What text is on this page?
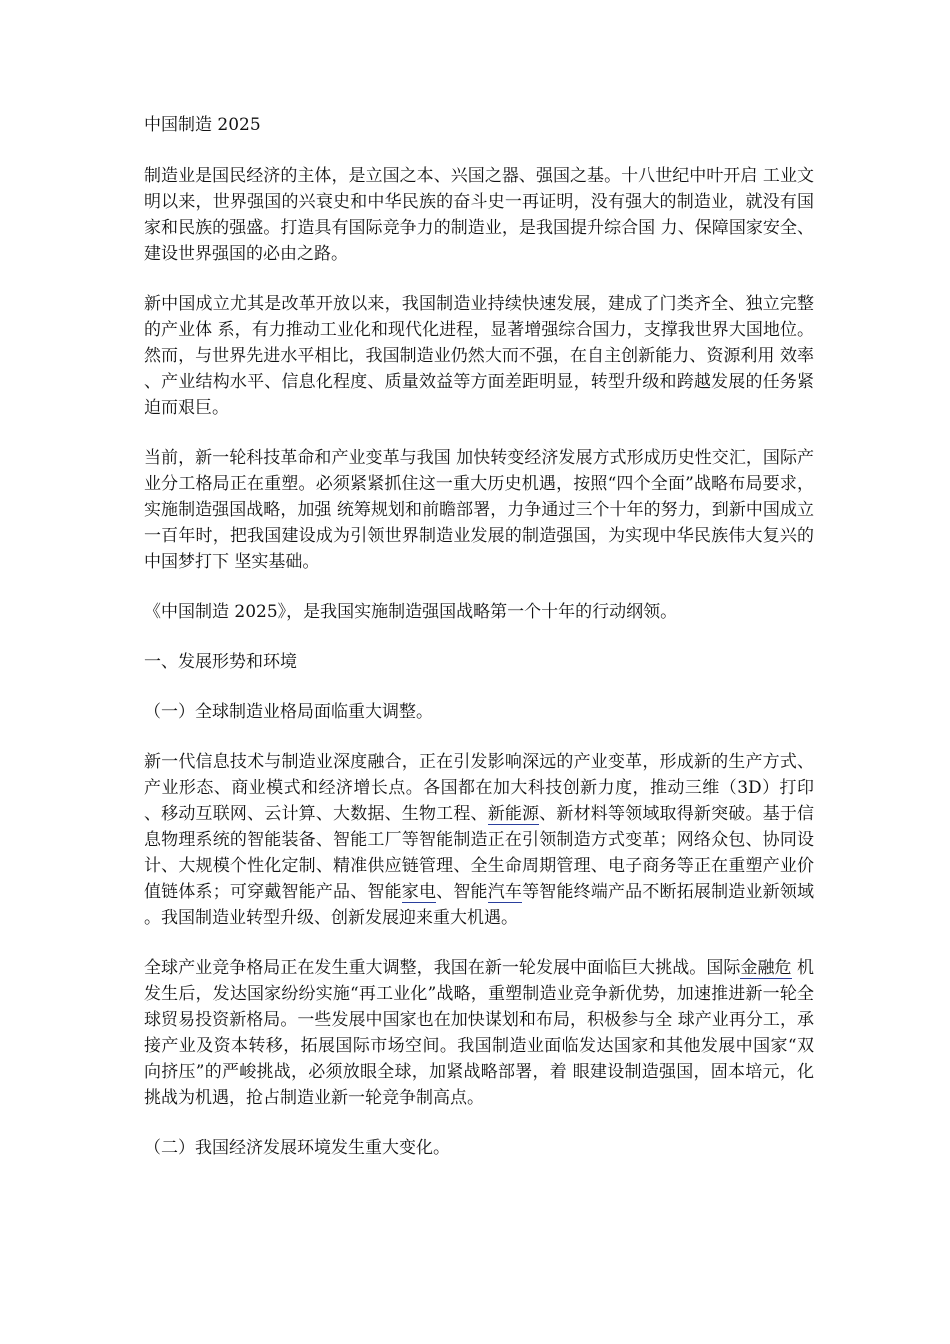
中国制造 2025

制造业是国民经济的主体，是立国之本、兴国之器、强国之基。十八世纪中叶开启 工业文明以来，世界强国的兴衰史和中华民族的奋斗史一再证明，没有强大的制造业，就没有国家和民族的强盛。打造具有国际竞争力的制造业，是我国提升综合国 力、保障国家安全、建设世界强国的必由之路。

新中国成立尤其是改革开放以来，我国制造业持续快速发展，建成了门类齐全、独立完整的产业体 系，有力推动工业化和现代化进程，显著增强综合国力，支撑我世界大国地位。然而，与世界先进水平相比，我国制造业仍然大而不强，在自主创新能力、资源利用 效率、产业结构水平、信息化程度、质量效益等方面差距明显，转型升级和跨越发展的任务紧迫而艰巨。

当前，新一轮科技革命和产业变革与我国 加快转变经济发展方式形成历史性交汇，国际产业分工格局正在重塑。必须紧紧抓住这一重大历史机遇，按照“四个全面”战略布局要求，实施制造强国战略，加强 统筹规划和前瞻部署，力争通过三个十年的努力，到新中国成立一百年时，把我国建设成为引领世界制造业发展的制造强国，为实现中华民族伟大复兴的中国梦打下 坚实基础。

《中国制造 2025》，是我国实施制造强国战略第一个十年的行动纲领。

一、发展形势和环境

（一）全球制造业格局面临重大调整。

新一代信息技术与制造业深度融合，正在引发影响深远的产业变革，形成新的生产方式、产业形态、商业模式和经济增长点。各国都在加大科技创新力度，推动三维（3D）打印、移动互联网、云计算、大数据、生物工程、新能源、新材料等领域取得新突破。基于信息物理系统的智能装备、智能工厂等智能制造正在引领制造方式变革；网络众包、协同设计、大规模个性化定制、精准供应链管理、全生命周期管理、电子商务等正在重塑产业价值链体系；可穿戴智能产品、智能家电、智能汽车等智能终端产品不断拓展制造业新领域。我国制造业转型升级、创新发展迎来重大机遇。

全球产业竞争格局正在发生重大调整，我国在新一轮发展中面临巨大挑战。国际金融危 机发生后，发达国家纷纷实施“再工业化”战略，重塑制造业竞争新优势，加速推进新一轮全球贸易投资新格局。一些发展中国家也在加快谋划和布局，积极参与全 球产业再分工，承接产业及资本转移，拓展国际市场空间。我国制造业面临发达国家和其他发展中国家“双向挤压”的严峻挑战，必须放眼全球，加紧战略部署，着 眼建设制造强国，固本培元，化挑战为机遇，抢占制造业新一轮竞争制高点。

（二）我国经济发展环境发生重大变化。
